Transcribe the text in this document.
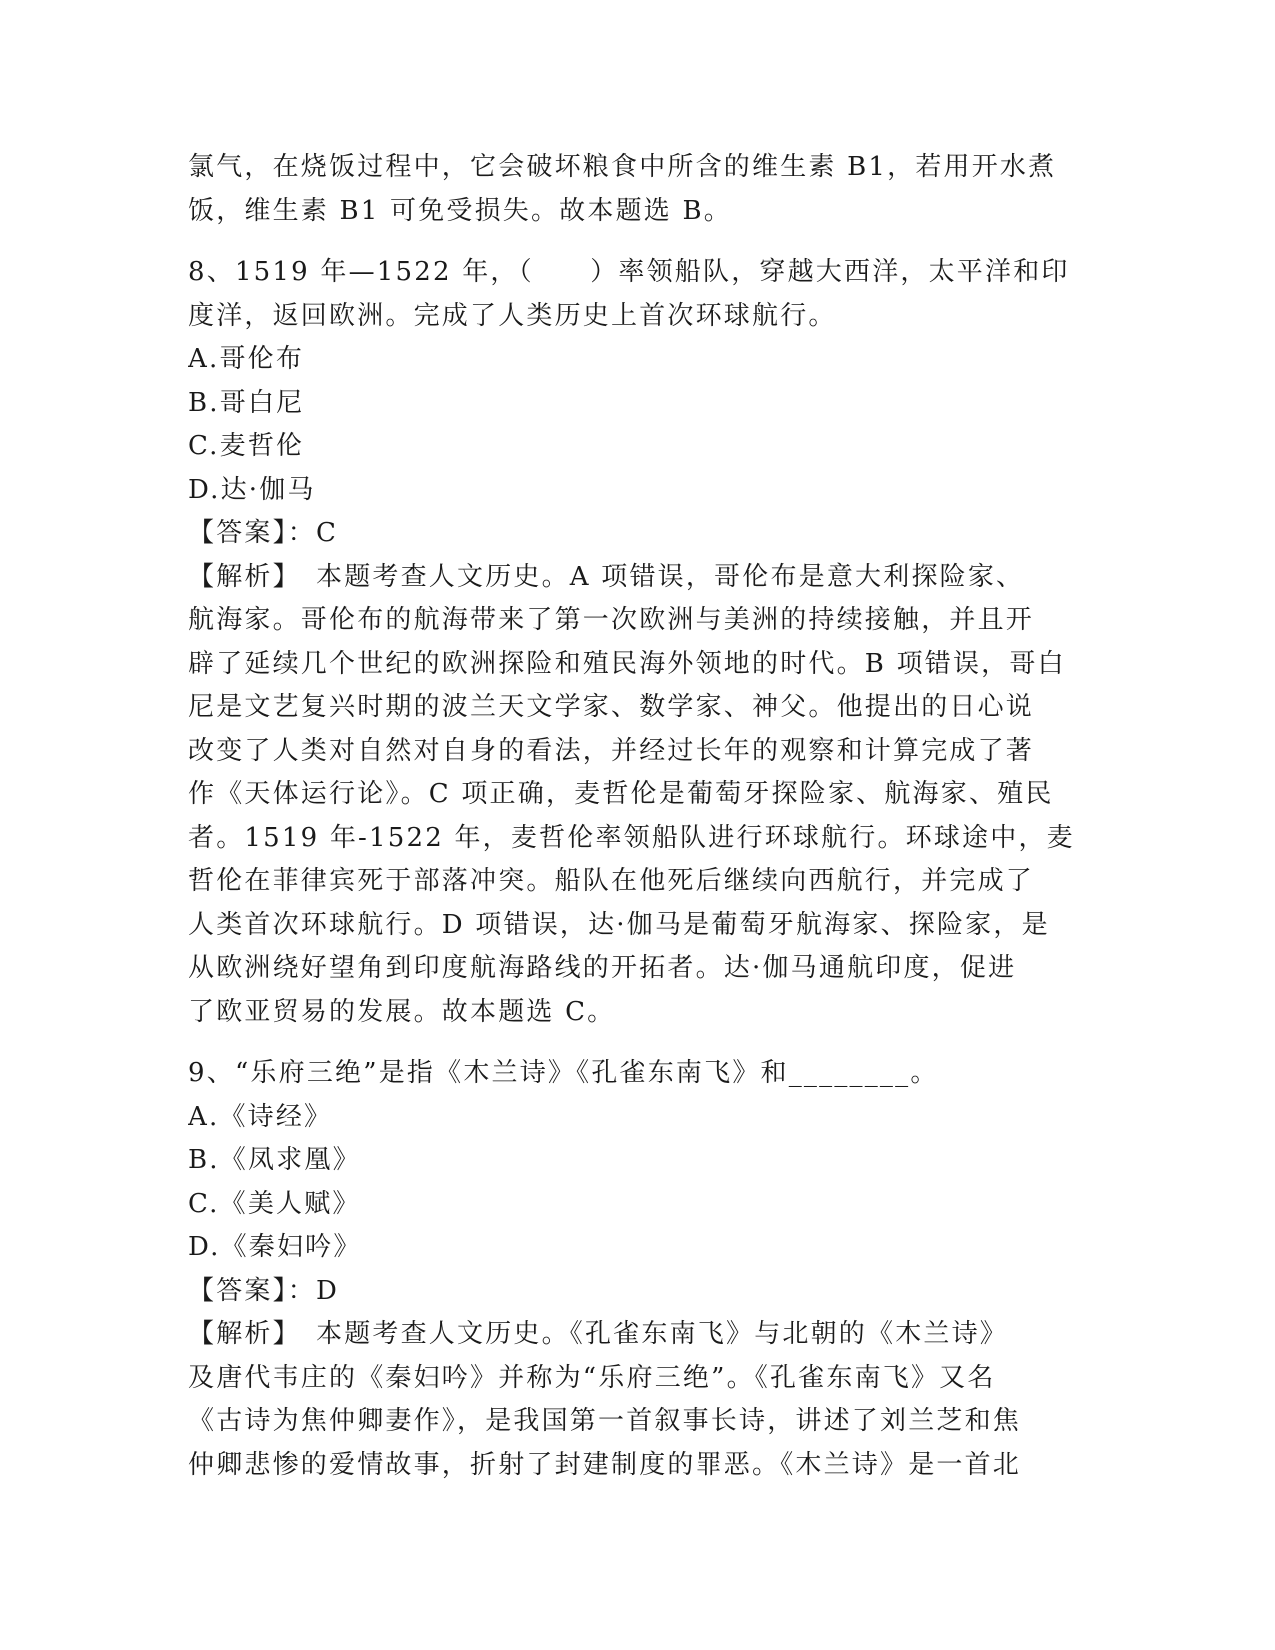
氯气，在烧饭过程中，它会破坏粮食中所含的维生素 B1，若用开水煮
饭，维生素 B1 可免受损失。故本题选 B。
8、1519 年—1522 年，（　　）率领船队，穿越大西洋，太平洋和印
度洋，返回欧洲。完成了人类历史上首次环球航行。
A.哥伦布
B.哥白尼
C.麦哲伦
D.达·伽马
【答案】：C
【解析】　本题考查人文历史。A 项错误，哥伦布是意大利探险家、
航海家。哥伦布的航海带来了第一次欧洲与美洲的持续接触，并且开
辟了延续几个世纪的欧洲探险和殖民海外领地的时代。B 项错误，哥白
尼是文艺复兴时期的波兰天文学家、数学家、神父。他提出的日心说
改变了人类对自然对自身的看法，并经过长年的观察和计算完成了著
作《天体运行论》。C 项正确，麦哲伦是葡萄牙探险家、航海家、殖民
者。1519 年-1522 年，麦哲伦率领船队进行环球航行。环球途中，麦
哲伦在菲律宾死于部落冲突。船队在他死后继续向西航行，并完成了
人类首次环球航行。D 项错误，达·伽马是葡萄牙航海家、探险家，是
从欧洲绕好望角到印度航海路线的开拓者。达·伽马通航印度，促进
了欧亚贸易的发展。故本题选 C。
9、“乐府三绝”是指《木兰诗》《孔雀东南飞》和________。
A.《诗经》
B.《凤求凰》
C.《美人赋》
D.《秦妇吟》
【答案】：D
【解析】　本题考查人文历史。《孔雀东南飞》与北朝的《木兰诗》
及唐代韦庄的《秦妇吟》并称为“乐府三绝”。《孔雀东南飞》又名
《古诗为焦仲卿妻作》，是我国第一首叙事长诗，讲述了刘兰芝和焦
仲卿悲惨的爱情故事，折射了封建制度的罪恶。《木兰诗》是一首北
